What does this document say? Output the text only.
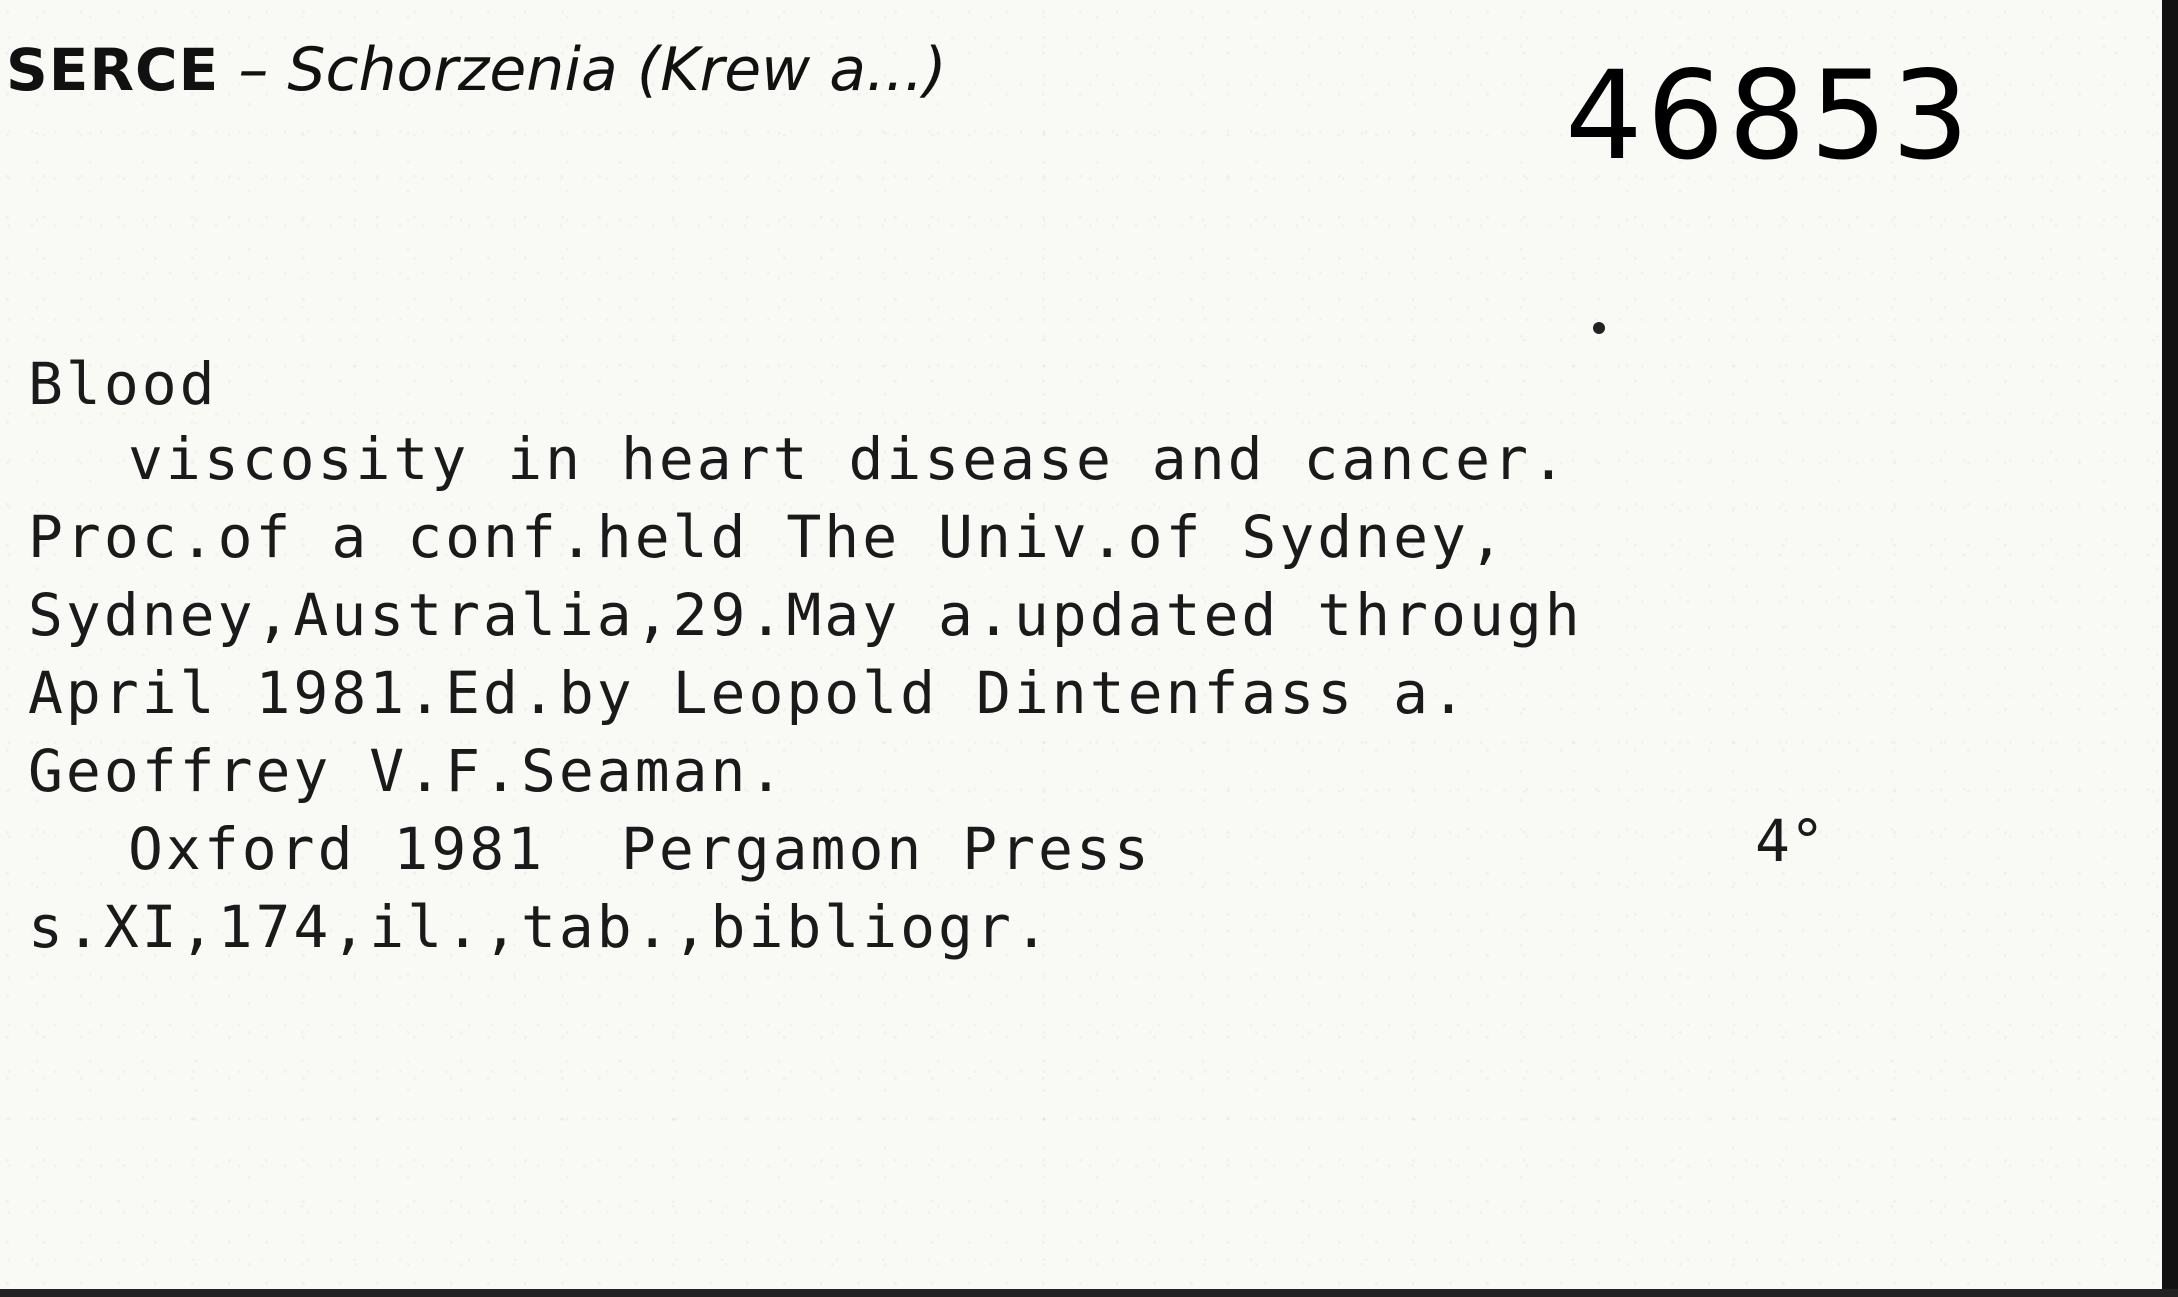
SERCE – Schorzenia (Krew a...)	46853
Blood
viscosity in heart disease and cancer.
Proc.of a conf.held The Univ.of Sydney,
Sydney,Australia,29.May a.updated through
April 1981.Ed.by Leopold Dintenfass a.
Geoffrey V.F.Seaman.
Oxford 1981  Pergamon Press	4°
s.XI,174,il.,tab.,bibliogr.
